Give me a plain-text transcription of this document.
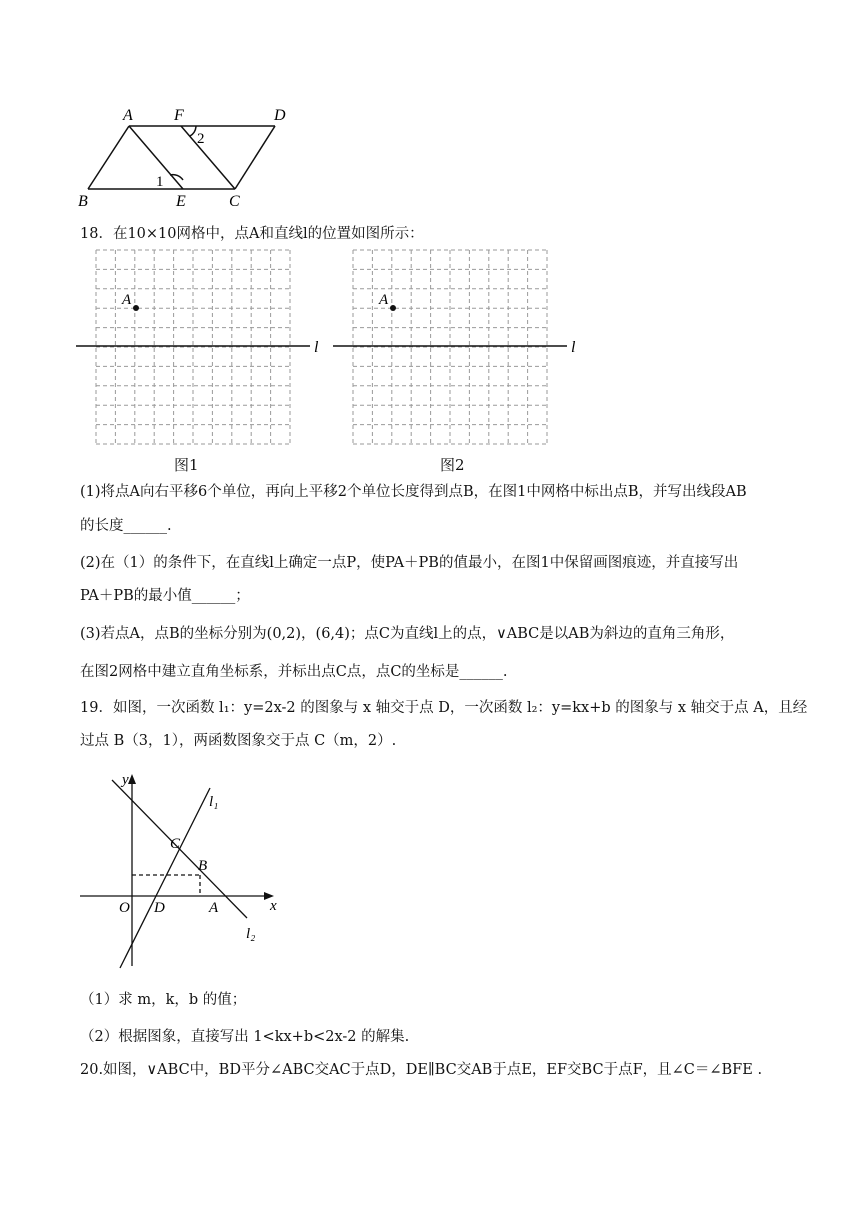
A	F	D
B	E	C
1
2
18．在10×10网格中，点A和直线l的位置如图所示：
A
l
A
l
图1	图2
(1)将点A向右平移6个单位，再向上平移2个单位长度得到点B，在图1中网格中标出点B，并写出线段AB
的长度______.
(2)在（1）的条件下，在直线l上确定一点P，使PA＋PB的值最小，在图1中保留画图痕迹，并直接写出
PA＋PB的最小值______；
(3)若点A，点B的坐标分别为(0,2)，(6,4)；点C为直线l上的点，∨ABC是以AB为斜边的直角三角形，
在图2网格中建立直角坐标系，并标出点C点，点C的坐标是______.
19．如图，一次函数 l₁：y=2x-2 的图象与 x 轴交于点 D，一次函数 l₂：y=kx+b 的图象与 x 轴交于点 A，且经
过点 B（3，1），两函数图象交于点 C（m，2）.
y
x
O D	A
B
C
l₁
l₂
（1）求 m，k，b 的值；
（2）根据图象，直接写出 1<kx+b<2x-2 的解集.
20.如图，∨ABC中，BD平分∠ABC交AC于点D，DE∥BC交AB于点E，EF交BC于点F，且∠C＝∠BFE .
